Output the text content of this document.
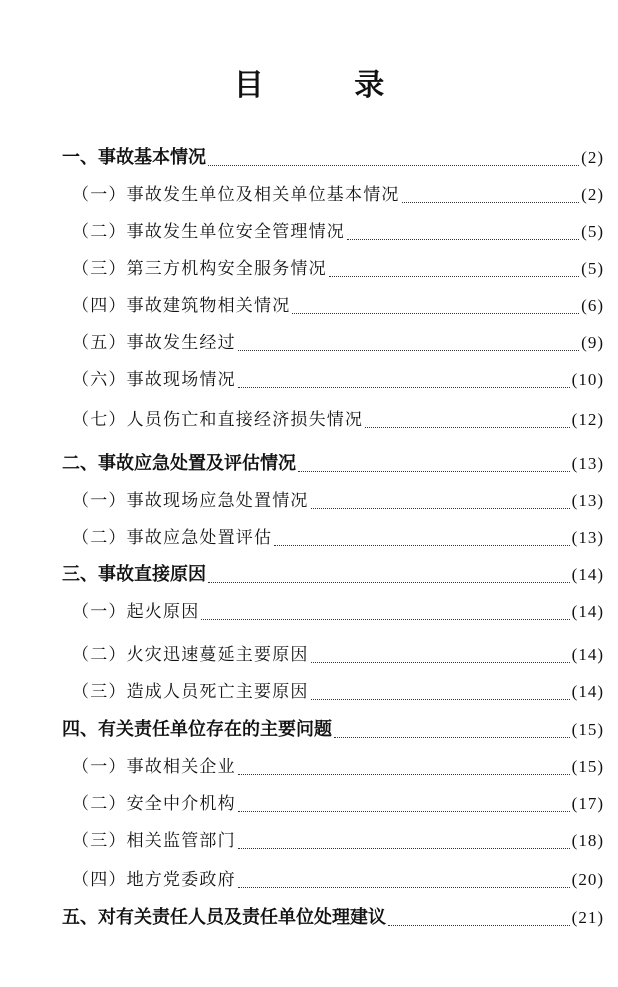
目 录
一、事故基本情况	(2)
（一）事故发生单位及相关单位基本情况	(2)
（二）事故发生单位安全管理情况	(5)
（三）第三方机构安全服务情况	(5)
（四）事故建筑物相关情况	(6)
（五）事故发生经过	(9)
（六）事故现场情况	(10)
（七）人员伤亡和直接经济损失情况	(12)
二、事故应急处置及评估情况	(13)
（一）事故现场应急处置情况	(13)
（二）事故应急处置评估	(13)
三、事故直接原因	(14)
（一）起火原因	(14)
（二）火灾迅速蔓延主要原因	(14)
（三）造成人员死亡主要原因	(14)
四、有关责任单位存在的主要问题	(15)
（一）事故相关企业	(15)
（二）安全中介机构	(17)
（三）相关监管部门	(18)
（四）地方党委政府	(20)
五、对有关责任人员及责任单位处理建议	(21)
